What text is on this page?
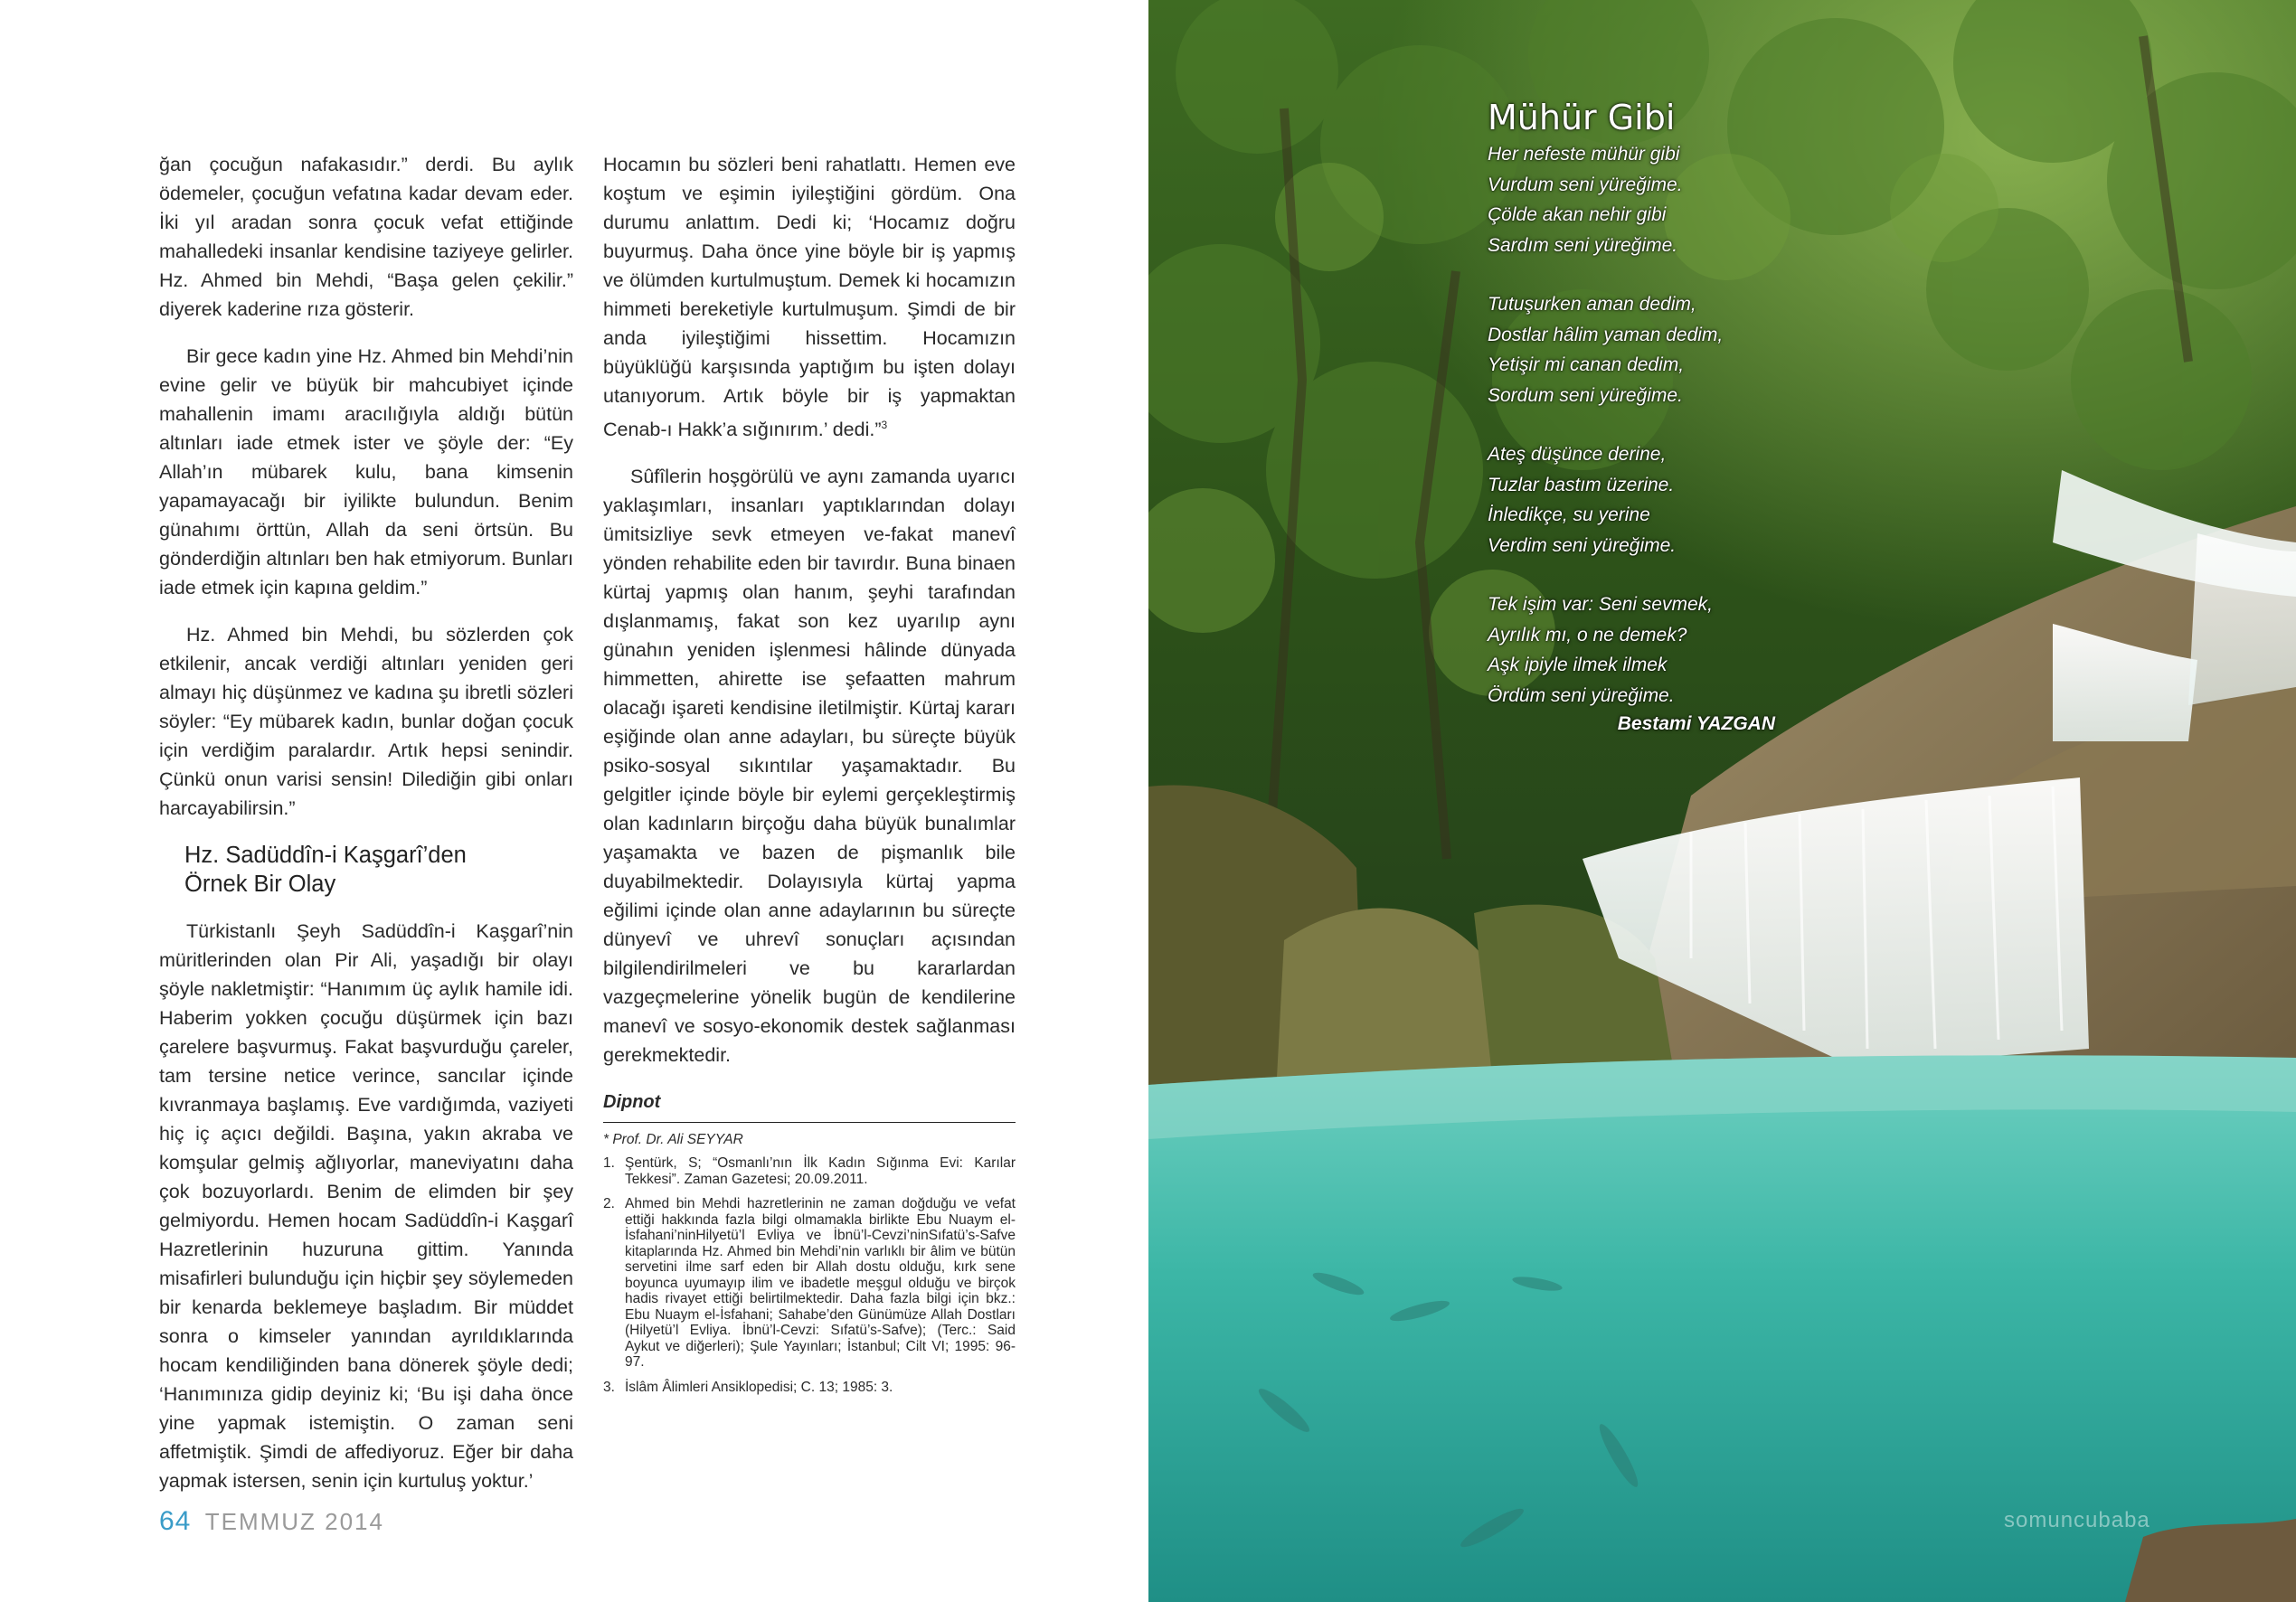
ğan çocuğun nafakasıdır.” derdi. Bu aylık ödemeler, çocuğun vefatına kadar devam eder. İki yıl aradan sonra çocuk vefat ettiğinde mahalledeki insanlar kendisine taziyeye gelirler. Hz. Ahmed bin Mehdi, “Başa gelen çekilir.” diyerek kaderine rıza gösterir.

Bir gece kadın yine Hz. Ahmed bin Mehdi’nin evine gelir ve büyük bir mahcubiyet içinde mahallenin imamı aracılığıyla aldığı bütün altınları iade etmek ister ve şöyle der: “Ey Allah’ın mübarek kulu, bana kimsenin yapamayacağı bir iyilikte bulundun. Benim günahımı örttün, Allah da seni örtsün. Bu gönderdiğin altınları ben hak etmiyorum. Bunları iade etmek için kapına geldim.”

Hz. Ahmed bin Mehdi, bu sözlerden çok etkilenir, ancak verdiği altınları yeniden geri almayı hiç düşünmez ve kadına şu ibretli sözleri söyler: “Ey mübarek kadın, bunlar doğan çocuk için verdiğim paralardır. Artık hepsi senindir. Çünkü onun varisi sensin! Dilediğin gibi onları harcayabilirsin.”

Hz. Sadüddîn-i Kaşgarî’den
Örnek Bir Olay

Türkistanlı Şeyh Sadüddîn-i Kaşgarî’nin müritlerinden olan Pir Ali, yaşadığı bir olayı şöyle nakletmiştir: “Hanımım üç aylık hamile idi. Haberim yokken çocuğu düşürmek için bazı çarelere başvurmuş. Fakat başvurduğu çareler, tam tersine netice verince, sancılar içinde kıvranmaya başlamış. Eve vardığımda, vaziyeti hiç iç açıcı değildi. Başına, yakın akraba ve komşular gelmiş ağlıyorlar, maneviyatını daha çok bozuyorlardı. Benim de elimden bir şey gelmiyordu. Hemen hocam Sadüddîn-i Kaşgarî Hazretlerinin huzuruna gittim. Yanında misafirleri bulunduğu için hiçbir şey söylemeden bir kenarda beklemeye başladım. Bir müddet sonra o kimseler yanından ayrıldıklarında hocam kendiliğinden bana dönerek şöyle dedi; ‘Hanımınıza gidip deyiniz ki; ‘Bu işi daha önce yine yapmak istemiştin. O zaman seni affetmiştik. Şimdi de affediyoruz. Eğer bir daha yapmak istersen, senin için kurtuluş yoktur.’

Hocamın bu sözleri beni rahatlattı. Hemen eve koştum ve eşimin iyileştiğini gördüm. Ona durumu anlattım. Dedi ki; ‘Hocamız doğru buyurmuş. Daha önce yine böyle bir iş yapmış ve ölümden kurtulmuştum. Demek ki hocamızın himmeti bereketiyle kurtulmuşum. Şimdi de bir anda iyileştiğimi hissettim. Hocamızın büyüklüğü karşısında yaptığım bu işten dolayı utanıyorum. Artık böyle bir iş yapmaktan Cenab-ı Hakk’a sığınırım.’ dedi.”$^3$

Sûfîlerin hoşgörülü ve aynı zamanda uyarıcı yaklaşımları, insanları yaptıklarından dolayı ümitsizliye sevk etmeyen ve-fakat manevî yönden rehabilite eden bir tavırdır. Buna binaen kürtaj yapmış olan hanım, şeyhi tarafından dışlanmamış, fakat son kez uyarılıp aynı günahın yeniden işlenmesi hâlinde dünyada himmetten, ahirette ise şefaatten mahrum olacağı işareti kendisine iletilmiştir. Kürtaj kararı eşiğinde olan anne adayları, bu süreçte büyük psiko-sosyal sıkıntılar yaşamaktadır. Bu gelgitler içinde böyle bir eylemi gerçekleştirmiş olan kadınların birçoğu daha büyük bunalımlar yaşamakta ve bazen de pişmanlık bile duyabilmektedir. Dolayısıyla kürtaj yapma eğilimi içinde olan anne adaylarının bu süreçte dünyevî ve uhrevî sonuçları açısından bilgilendirilmeleri ve bu kararlardan vazgeçmelerine yönelik bugün de kendilerine manevî ve sosyo-ekonomik destek sağlanması gerekmektedir.

Dipnot
* Prof. Dr. Ali SEYYAR
1. Şentürk, S; “Osmanlı’nın İlk Kadın Sığınma Evi: Karılar Tekkesi”. Zaman Gazetesi; 20.09.2011.
2. Ahmed bin Mehdi hazretlerinin ne zaman doğduğu ve vefat ettiği hakkında fazla bilgi olmamakla birlikte Ebu Nuaym el-İsfahani’ninHilyetü’l Evliya ve İbnü’l-Cevzi’ninSıfatü’s-Safve kitaplarında Hz. Ahmed bin Mehdi’nin varlıklı bir âlim ve bütün servetini ilme sarf eden bir Allah dostu olduğu, kırk sene boyunca uyumayıp ilim ve ibadetle meşgul olduğu ve birçok hadis rivayet ettiği belirtilmektedir. Daha fazla bilgi için bkz.: Ebu Nuaym el-İsfahani; Sahabe’den Günümüze Allah Dostları (Hilyetü’l Evliya. İbnü’l-Cevzi: Sıfatü’s-Safve); (Terc.: Said Aykut ve diğerleri); Şule Yayınları; İstanbul; Cilt VI; 1995: 96-97.
3. İslâm Âlimleri Ansiklopedisi; C. 13; 1985: 3.
64 TEMMUZ 2014
Mühür Gibi
Her nefeste mühür gibi
Vurdum seni yüreğime.
Çölde akan nehir gibi
Sardım seni yüreğime.
Tutuşurken aman dedim,
Dostlar hâlim yaman dedim,
Yetişir mi canan dedim,
Sordum seni yüreğime.
Ateş düşünce derine,
Tuzlar bastım üzerine.
İnledikçe, su yerine
Verdim seni yüreğime.
Tek işim var: Seni sevmek,
Ayrılık mı, o ne demek?
Aşk ipiyle ilmek ilmek
Ördüm seni yüreğime.
Bestami YAZGAN
somuncubaba
